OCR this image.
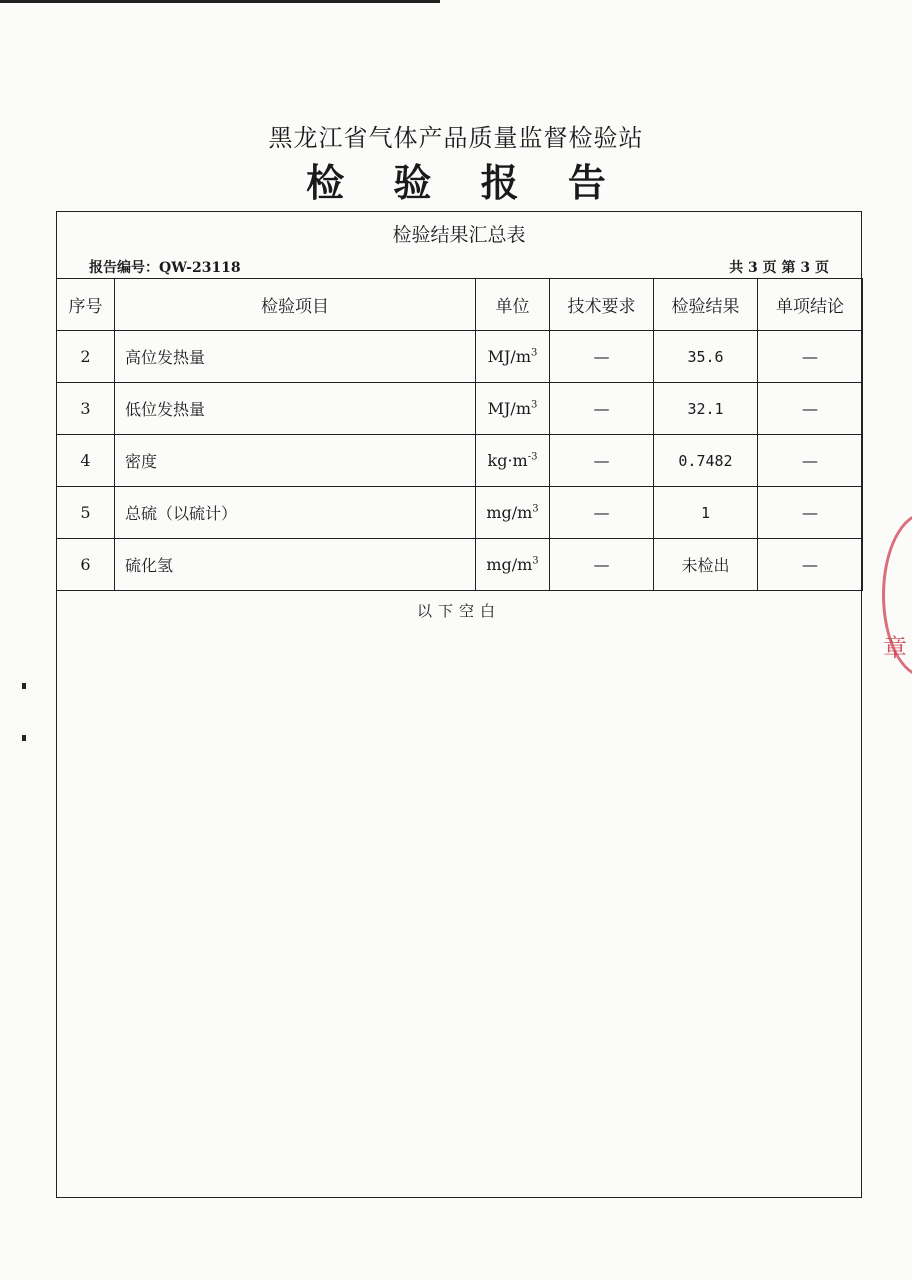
黑龙江省气体产品质量监督检验站
检 验 报 告
检验结果汇总表
报告编号：QW-23118	共 3 页 第 3 页
序号	检验项目	单位	技术要求	检验结果	单项结论
2	高位发热量	$MJ/m^3$	—	35.6	—
3	低位发热量	$MJ/m^3$	—	32.1	—
4	密度	$kg\cdot m^{-3}$	—	0.7482	—
5	总硫（以硫计）	$mg/m^3$	—	1	—
6	硫化氢	$mg/m^3$	—	未检出	—
以下空白
章
